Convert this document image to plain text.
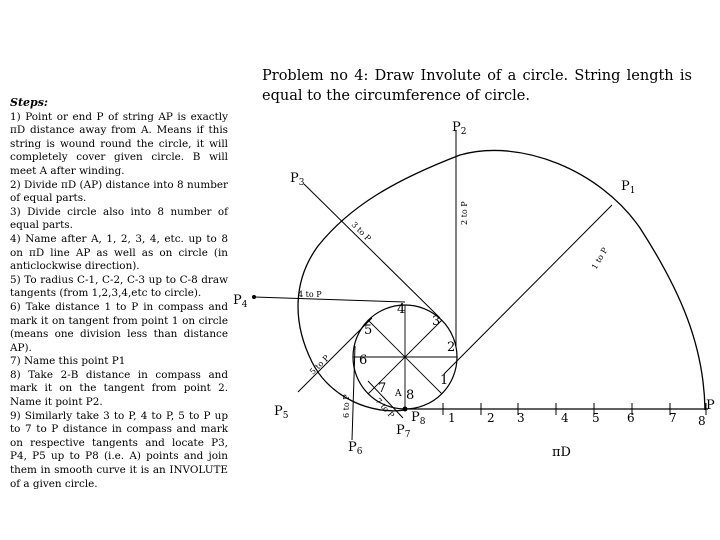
Steps:
1) Point or end P of string AP is exactly πD distance away from A. Means if this string is wound round the circle, it will completely cover given circle. B will meet A after winding.
2) Divide πD (AP) distance into 8 number of equal parts.
3) Divide circle also into 8 number of equal parts.
4) Name after A, 1, 2, 3, 4, etc. up to 8 on πD line AP as well as on circle (in anticlockwise direction).
5) To radius C-1, C-2, C-3 up to C-8 draw tangents (from 1,2,3,4,etc to circle).
6) Take distance 1 to P in compass and mark it on tangent from point 1 on circle (means one division less than distance AP).
7) Name this point P1
8) Take 2-B distance in compass and mark it on the tangent from point 2. Name it point P2.
9) Similarly take 3 to P, 4 to P, 5 to P up to 7 to P distance in compass and mark on respective tangents and locate P3, P4, P5 up to P8 (i.e. A) points and join them in smooth curve it is an INVOLUTE of a given circle.
Problem no 4: Draw Involute of a circle. String length is equal to the circumference of circle.
$P_1$
$P_2$
$P_3$
$P_4$
$P_5$
$P_6$
$P_7$
$P_8$
1
2
3
4
5
6
7 8
A
1	2 3	4 5 6	7 8
P
πD
1 to P
2 to P
3 to P
4 to P
5 to P
6 to P	7 to P
